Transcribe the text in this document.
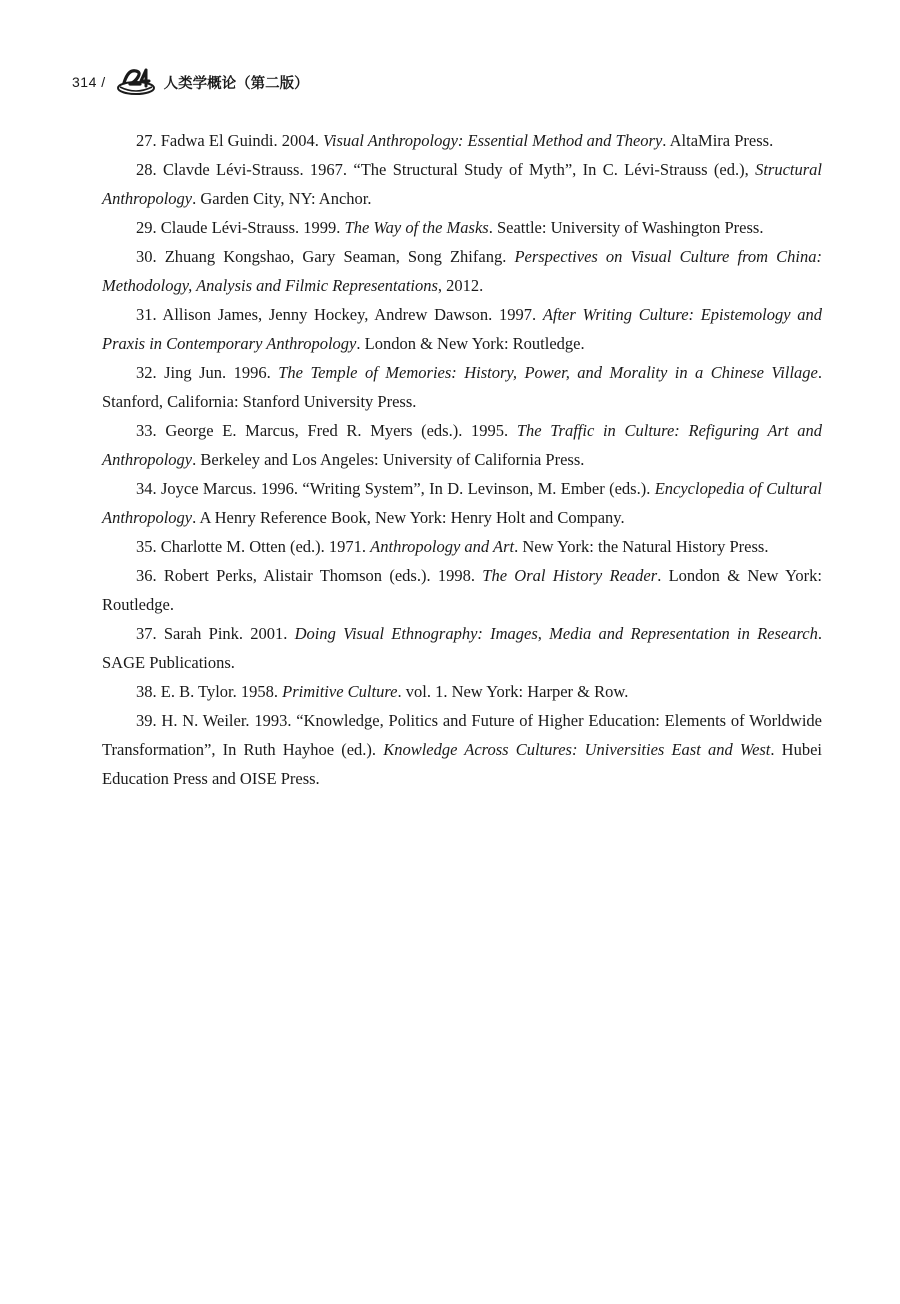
314 /	人类学概论（第二版）

27. Fadwa El Guindi. 2004. Visual Anthropology: Essential Method and Theory. AltaMira Press.

28. Clavde Lévi-Strauss. 1967. “The Structural Study of Myth”, In C. Lévi-Strauss (ed.), Structural Anthropology. Garden City, NY: Anchor.

29. Claude Lévi-Strauss. 1999. The Way of the Masks. Seattle: University of Washington Press.

30. Zhuang Kongshao, Gary Seaman, Song Zhifang. Perspectives on Visual Culture from China: Methodology, Analysis and Filmic Representations, 2012.

31. Allison James, Jenny Hockey, Andrew Dawson. 1997. After Writing Culture: Epistemology and Praxis in Contemporary Anthropology. London & New York: Routledge.

32. Jing Jun. 1996. The Temple of Memories: History, Power, and Morality in a Chinese Village. Stanford, California: Stanford University Press.

33. George E. Marcus, Fred R. Myers (eds.). 1995. The Traffic in Culture: Refiguring Art and Anthropology. Berkeley and Los Angeles: University of California Press.

34. Joyce Marcus. 1996. “Writing System”, In D. Levinson, M. Ember (eds.). Encyclopedia of Cultural Anthropology. A Henry Reference Book, New York: Henry Holt and Company.

35. Charlotte M. Otten (ed.). 1971. Anthropology and Art. New York: the Natural History Press.

36. Robert Perks, Alistair Thomson (eds.). 1998. The Oral History Reader. London & New York: Routledge.

37. Sarah Pink. 2001. Doing Visual Ethnography: Images, Media and Representation in Research. SAGE Publications.

38. E. B. Tylor. 1958. Primitive Culture. vol. 1. New York: Harper & Row.

39. H. N. Weiler. 1993. “Knowledge, Politics and Future of Higher Education: Elements of Worldwide Transformation”, In Ruth Hayhoe (ed.). Knowledge Across Cultures: Universities East and West. Hubei Education Press and OISE Press.
